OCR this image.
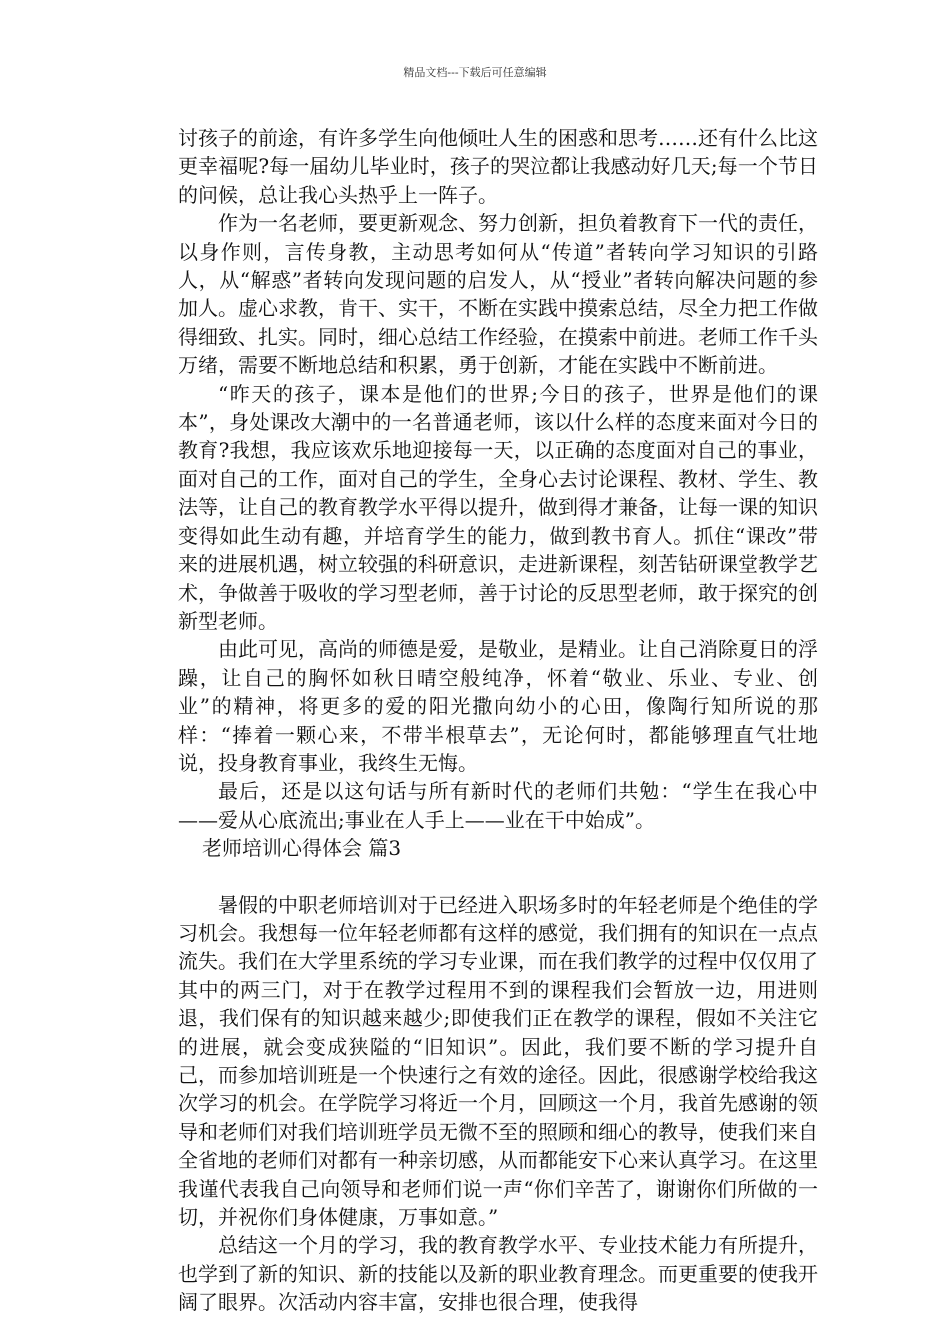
精品文档---下载后可任意编辑

讨孩子的前途，有许多学生向他倾吐人生的困惑和思考……还有什么比这更幸福呢?每一届幼儿毕业时，孩子的哭泣都让我感动好几天;每一个节日的问候，总让我心头热乎上一阵子。

作为一名老师，要更新观念、努力创新，担负着教育下一代的责任，以身作则，言传身教，主动思考如何从“传道”者转向学习知识的引路人，从“解惑”者转向发现问题的启发人，从“授业”者转向解决问题的参加人。虚心求教，肯干、实干，不断在实践中摸索总结，尽全力把工作做得细致、扎实。同时，细心总结工作经验，在摸索中前进。老师工作千头万绪，需要不断地总结和积累，勇于创新，才能在实践中不断前进。

“昨天的孩子，课本是他们的世界;今日的孩子，世界是他们的课本”，身处课改大潮中的一名普通老师，该以什么样的态度来面对今日的教育?我想，我应该欢乐地迎接每一天，以正确的态度面对自己的事业，面对自己的工作，面对自己的学生，全身心去讨论课程、教材、学生、教法等，让自己的教育教学水平得以提升，做到得才兼备，让每一课的知识变得如此生动有趣，并培育学生的能力，做到教书育人。抓住“课改”带来的进展机遇，树立较强的科研意识，走进新课程，刻苦钻研课堂教学艺术，争做善于吸收的学习型老师，善于讨论的反思型老师，敢于探究的创新型老师。

由此可见，高尚的师德是爱，是敬业，是精业。让自己消除夏日的浮躁，让自己的胸怀如秋日晴空般纯净，怀着“敬业、乐业、专业、创业”的精神，将更多的爱的阳光撒向幼小的心田，像陶行知所说的那样：“捧着一颗心来，不带半根草去”，无论何时，都能够理直气壮地说，投身教育事业，我终生无悔。

最后，还是以这句话与所有新时代的老师们共勉：“学生在我心中——爱从心底流出;事业在人手上——业在干中始成”。

老师培训心得体会 篇3

暑假的中职老师培训对于已经进入职场多时的年轻老师是个绝佳的学习机会。我想每一位年轻老师都有这样的感觉，我们拥有的知识在一点点流失。我们在大学里系统的学习专业课，而在我们教学的过程中仅仅用了其中的两三门，对于在教学过程用不到的课程我们会暂放一边，用进则退，我们保有的知识越来越少;即使我们正在教学的课程，假如不关注它的进展，就会变成狭隘的“旧知识”。因此，我们要不断的学习提升自己，而参加培训班是一个快速行之有效的途径。因此，很感谢学校给我这次学习的机会。在学院学习将近一个月，回顾这一个月，我首先感谢的领导和老师们对我们培训班学员无微不至的照顾和细心的教导，使我们来自全省地的老师们对都有一种亲切感，从而都能安下心来认真学习。在这里我谨代表我自己向领导和老师们说一声“你们辛苦了，谢谢你们所做的一切，并祝你们身体健康，万事如意。”

总结这一个月的学习，我的教育教学水平、专业技术能力有所提升，也学到了新的知识、新的技能以及新的职业教育理念。而更重要的使我开阔了眼界。次活动内容丰富，安排也很合理，使我得
